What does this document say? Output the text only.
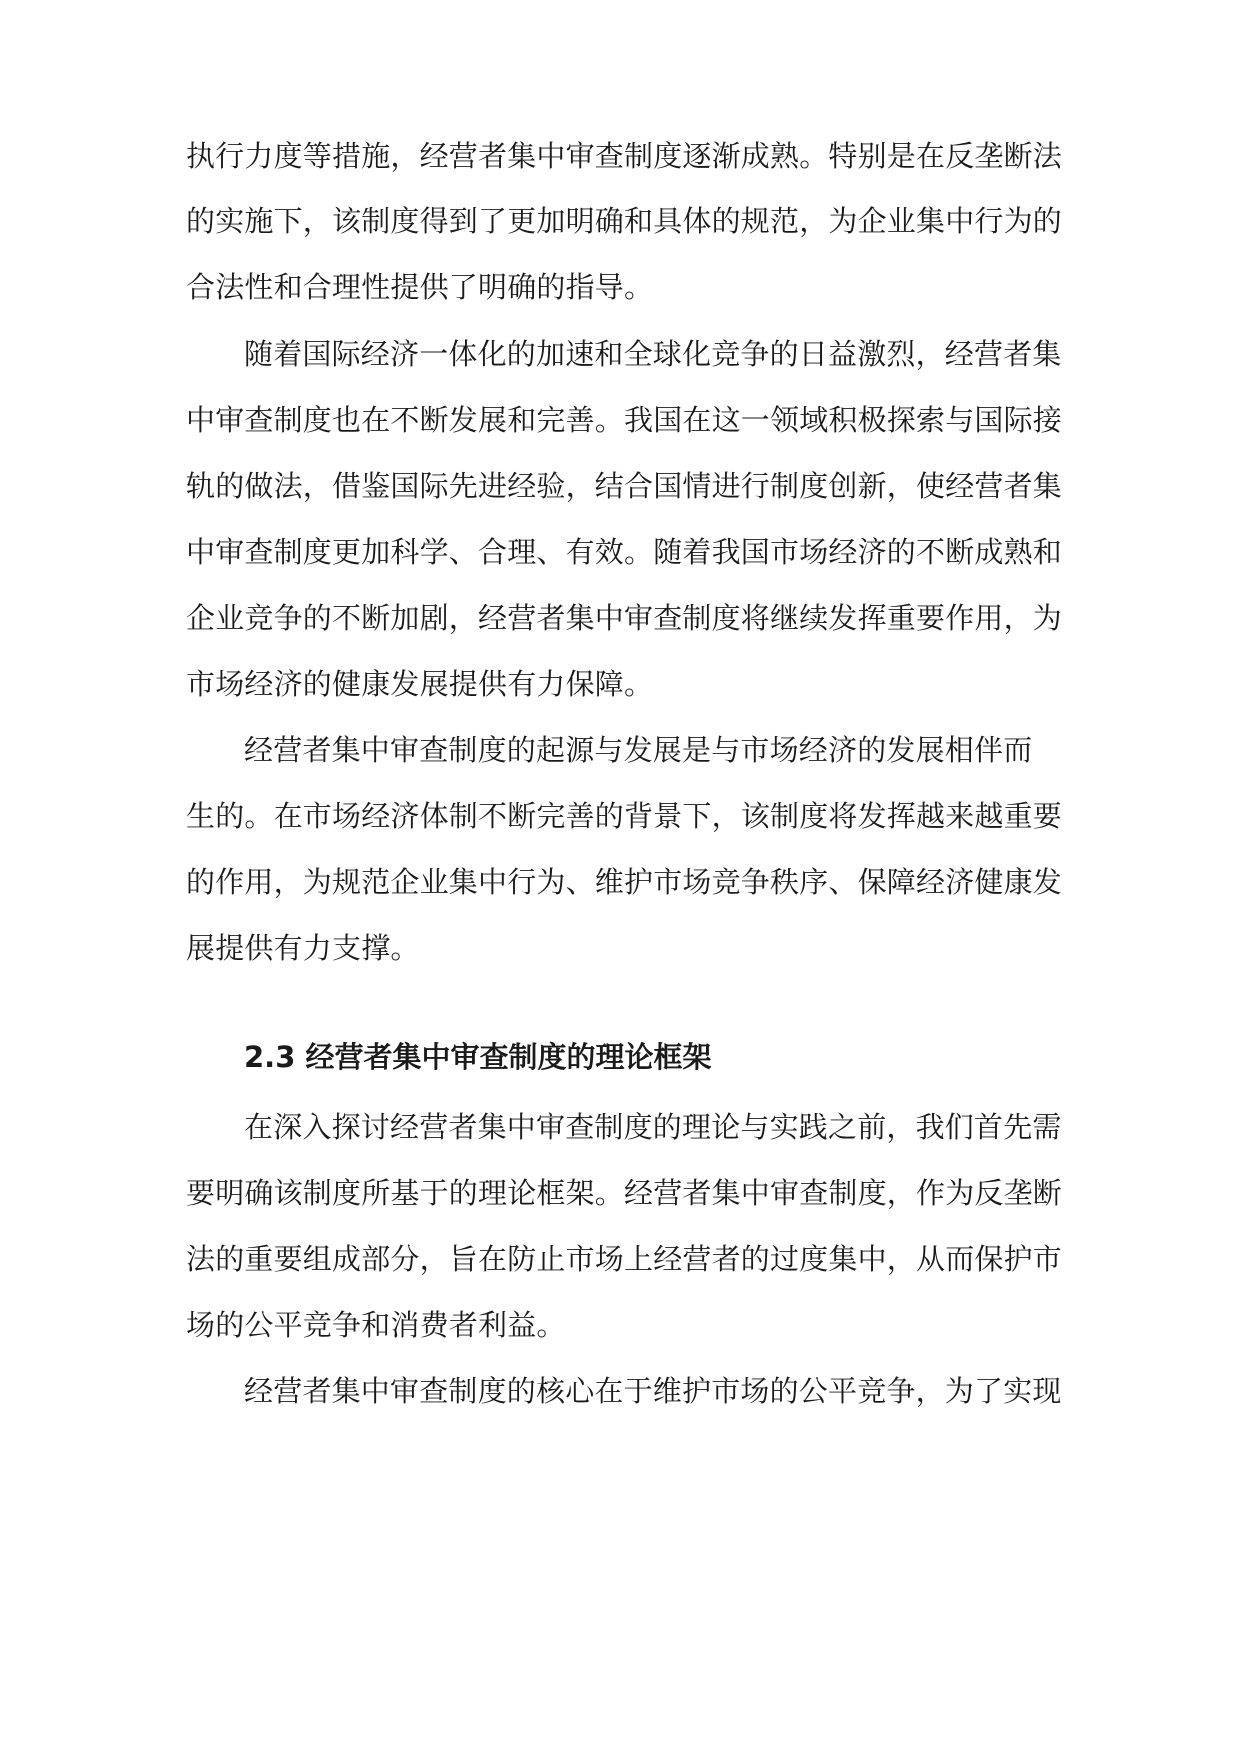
执行力度等措施，经营者集中审查制度逐渐成熟。特别是在反垄断法
的实施下，该制度得到了更加明确和具体的规范，为企业集中行为的
合法性和合理性提供了明确的指导。
随着国际经济一体化的加速和全球化竞争的日益激烈，经营者集
中审查制度也在不断发展和完善。我国在这一领域积极探索与国际接
轨的做法，借鉴国际先进经验，结合国情进行制度创新，使经营者集
中审查制度更加科学、合理、有效。随着我国市场经济的不断成熟和
企业竞争的不断加剧，经营者集中审查制度将继续发挥重要作用，为
市场经济的健康发展提供有力保障。
经营者集中审查制度的起源与发展是与市场经济的发展相伴而
生的。在市场经济体制不断完善的背景下，该制度将发挥越来越重要
的作用，为规范企业集中行为、维护市场竞争秩序、保障经济健康发
展提供有力支撑。
2.3 经营者集中审查制度的理论框架
在深入探讨经营者集中审查制度的理论与实践之前，我们首先需
要明确该制度所基于的理论框架。经营者集中审查制度，作为反垄断
法的重要组成部分，旨在防止市场上经营者的过度集中，从而保护市
场的公平竞争和消费者利益。
经营者集中审查制度的核心在于维护市场的公平竞争，为了实现
